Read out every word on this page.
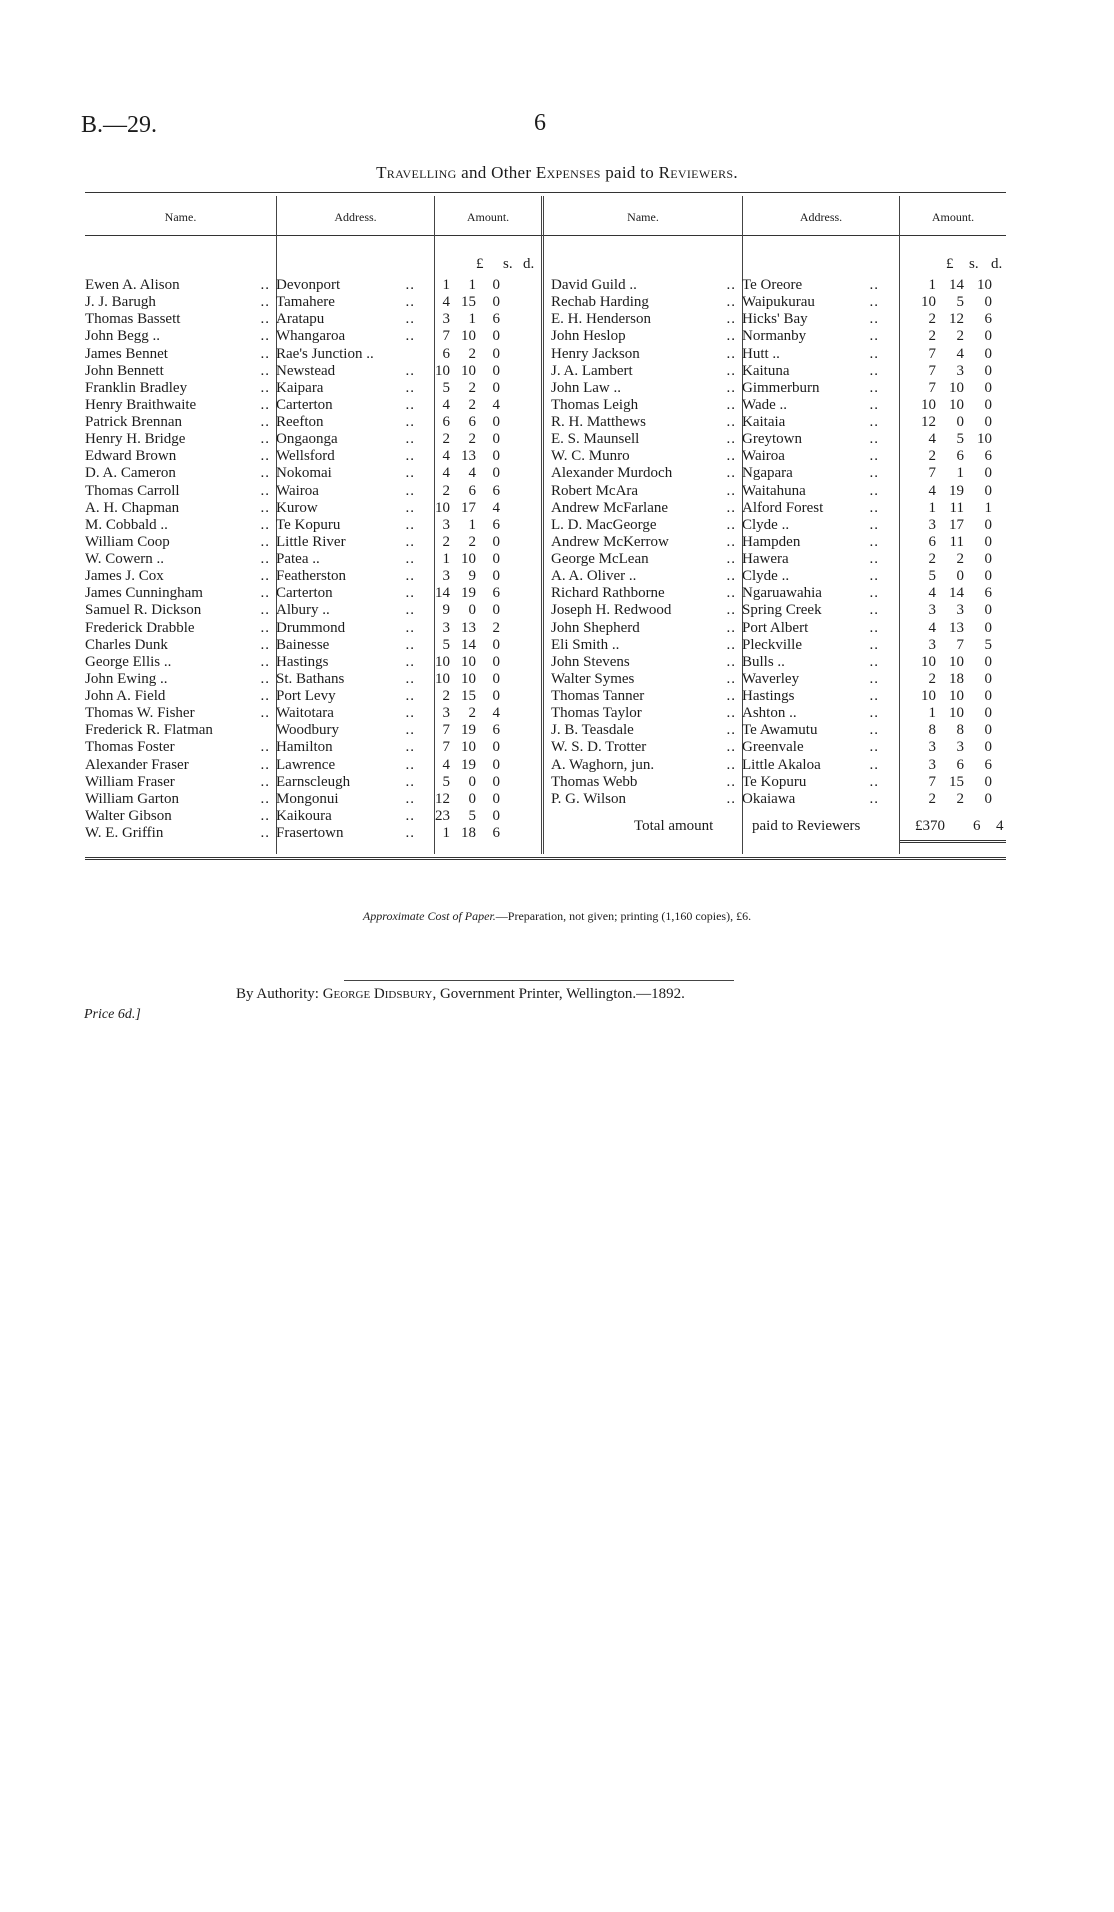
B.—29.	6
Travelling and Other Expenses paid to Reviewers.
Name.	Address.	Amount.	Name.	Address.	Amount.
£ s. d.	£ s. d.
Ewen A. Alison ..	Devonport ..	1	1	0
J. J. Barugh ..	Tamahere ..	4	15	0
Thomas Bassett ..	Aratapu ..	3	1	6
John Begg .. ..	Whangaroa ..	7	10	0
James Bennet ..	Rae's Junction ..	6	2	0
John Bennett ..	Newstead ..	10	10	0
Franklin Bradley ..	Kaipara ..	5	2	0
Henry Braithwaite ..	Carterton ..	4	2	4
Patrick Brennan ..	Reefton ..	6	6	0
Henry H. Bridge ..	Ongaonga ..	2	2	0
Edward Brown ..	Wellsford ..	4	13	0
D. A. Cameron ..	Nokomai ..	4	4	0
Thomas Carroll ..	Wairoa ..	2	6	6
A. H. Chapman ..	Kurow ..	10	17	4
M. Cobbald .. ..	Te Kopuru ..	3	1	6
William Coop ..	Little River ..	2	2	0
W. Cowern .. ..	Patea .. ..	1	10	0
James J. Cox ..	Featherston ..	3	9	0
James Cunningham ..	Carterton ..	14	19	6
Samuel R. Dickson ..	Albury .. ..	9	0	0
Frederick Drabble ..	Drummond ..	3	13	2
Charles Dunk ..	Bainesse ..	5	14	0
George Ellis .. ..	Hastings ..	10	10	0
John Ewing .. ..	St. Bathans ..	10	10	0
John A. Field ..	Port Levy ..	2	15	0
Thomas W. Fisher ..	Waitotara ..	3	2	4
Frederick R. Flatman	Woodbury ..	7	19	6
Thomas Foster ..	Hamilton ..	7	10	0
Alexander Fraser ..	Lawrence ..	4	19	0
William Fraser ..	Earnscleugh ..	5	0	0
William Garton ..	Mongonui ..	12	0	0
Walter Gibson ..	Kaikoura ..	23	5	0
W. E. Griffin ..	Frasertown ..	1	18	6
David Guild .. ..	Te Oreore ..	1	14	10
Rechab Harding ..	Waipukurau ..	10	5	0
E. H. Henderson ..	Hicks' Bay ..	2	12	6
John Heslop ..	Normanby ..	2	2	0
Henry Jackson ..	Hutt .. ..	7	4	0
J. A. Lambert ..	Kaituna ..	7	3	0
John Law .. ..	Gimmerburn ..	7	10	0
Thomas Leigh ..	Wade .. ..	10	10	0
R. H. Matthews ..	Kaitaia ..	12	0	0
E. S. Maunsell ..	Greytown ..	4	5	10
W. C. Munro ..	Wairoa ..	2	6	6
Alexander Murdoch ..	Ngapara ..	7	1	0
Robert McAra ..	Waitahuna ..	4	19	0
Andrew McFarlane ..	Alford Forest ..	1	11	1
L. D. MacGeorge ..	Clyde .. ..	3	17	0
Andrew McKerrow ..	Hampden ..	6	11	0
George McLean ..	Hawera ..	2	2	0
A. A. Oliver .. ..	Clyde .. ..	5	0	0
Richard Rathborne ..	Ngaruawahia ..	4	14	6
Joseph H. Redwood ..	Spring Creek ..	3	3	0
John Shepherd ..	Port Albert ..	4	13	0
Eli Smith .. ..	Pleckville ..	3	7	5
John Stevens ..	Bulls .. ..	10	10	0
Walter Symes ..	Waverley ..	2	18	0
Thomas Tanner ..	Hastings ..	10	10	0
Thomas Taylor ..	Ashton .. ..	1	10	0
J. B. Teasdale ..	Te Awamutu ..	8	8	0
W. S. D. Trotter ..	Greenvale ..	3	3	0
A. Waghorn, jun. ..	Little Akaloa ..	3	6	6
Thomas Webb ..	Te Kopuru ..	7	15	0
P. G. Wilson ..	Okaiawa ..	2	2	0
Total amount	paid to Reviewers	£370 6 4
Approximate Cost of Paper.—Preparation, not given; printing (1,160 copies), £6.
By Authority: George Didsbury, Government Printer, Wellington.—1892.
Price 6d.]
